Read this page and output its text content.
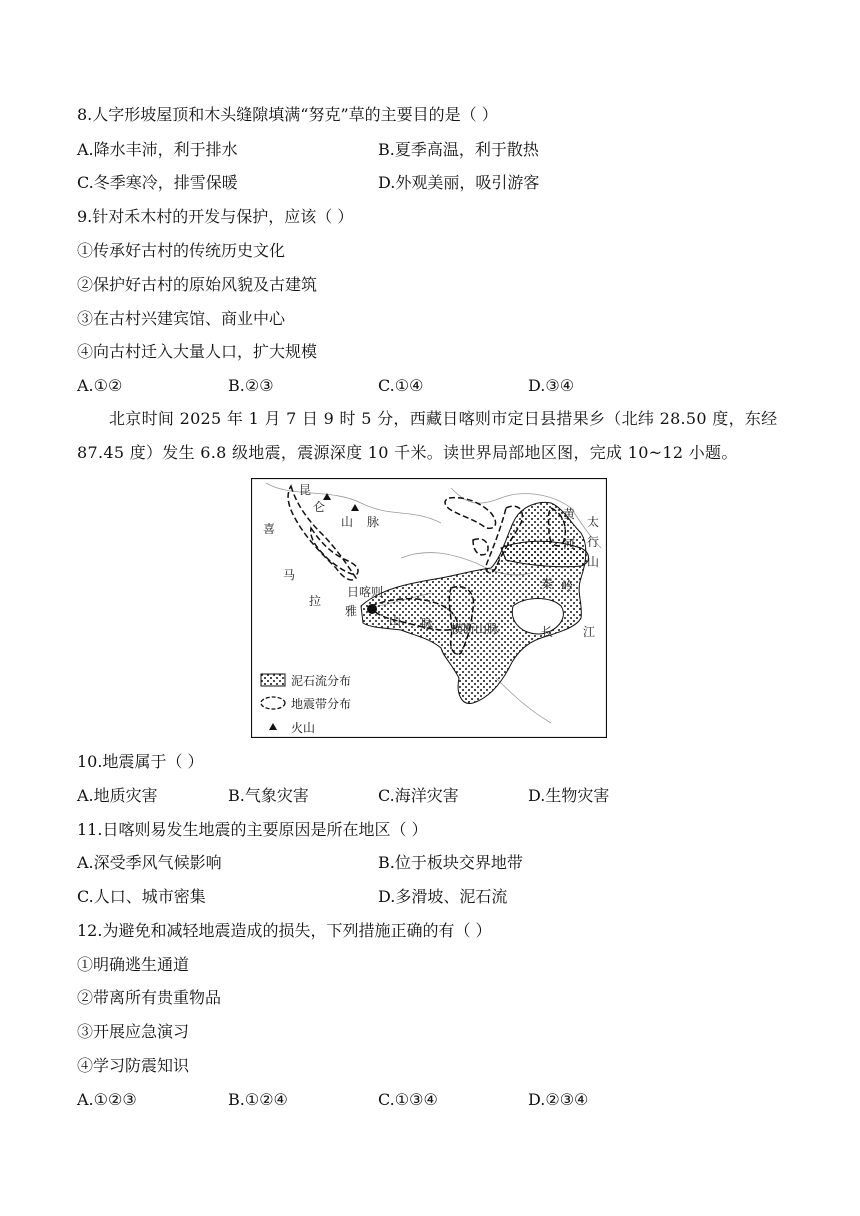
8.人字形坡屋顶和木头缝隙填满“努克”草的主要目的是（ ）
A.降水丰沛，利于排水	B.夏季高温，利于散热
C.冬季寒冷，排雪保暖	D.外观美丽，吸引游客
9.针对禾木村的开发与保护，应该（ ）
①传承好古村的传统历史文化
②保护好古村的原始风貌及古建筑
③在古村兴建宾馆、商业中心
④向古村迁入大量人口，扩大规模
A.①②	B.②③	C.①④	D.③④
北京时间 2025 年 1 月 7 日 9 时 5 分，西藏日喀则市定日县措果乡（北纬 28.50 度，东经 87.45 度）发生 6.8 级地震，震源深度 10 千米。读世界局部地区图，完成 10~12 小题。
昆
仑
山 脉
喜
马
拉
雅
日喀则
山 脉 横断山脉
黄
太
行
河
山
秦 岭
长 江
泥石流分布
地震带分布
火山
10.地震属于（ ）
A.地质灾害	B.气象灾害	C.海洋灾害	D.生物灾害
11.日喀则易发生地震的主要原因是所在地区（ ）
A.深受季风气候影响	B.位于板块交界地带
C.人口、城市密集	D.多滑坡、泥石流
12.为避免和减轻地震造成的损失，下列措施正确的有（ ）
①明确逃生通道
②带离所有贵重物品
③开展应急演习
④学习防震知识
A.①②③	B.①②④	C.①③④	D.②③④
